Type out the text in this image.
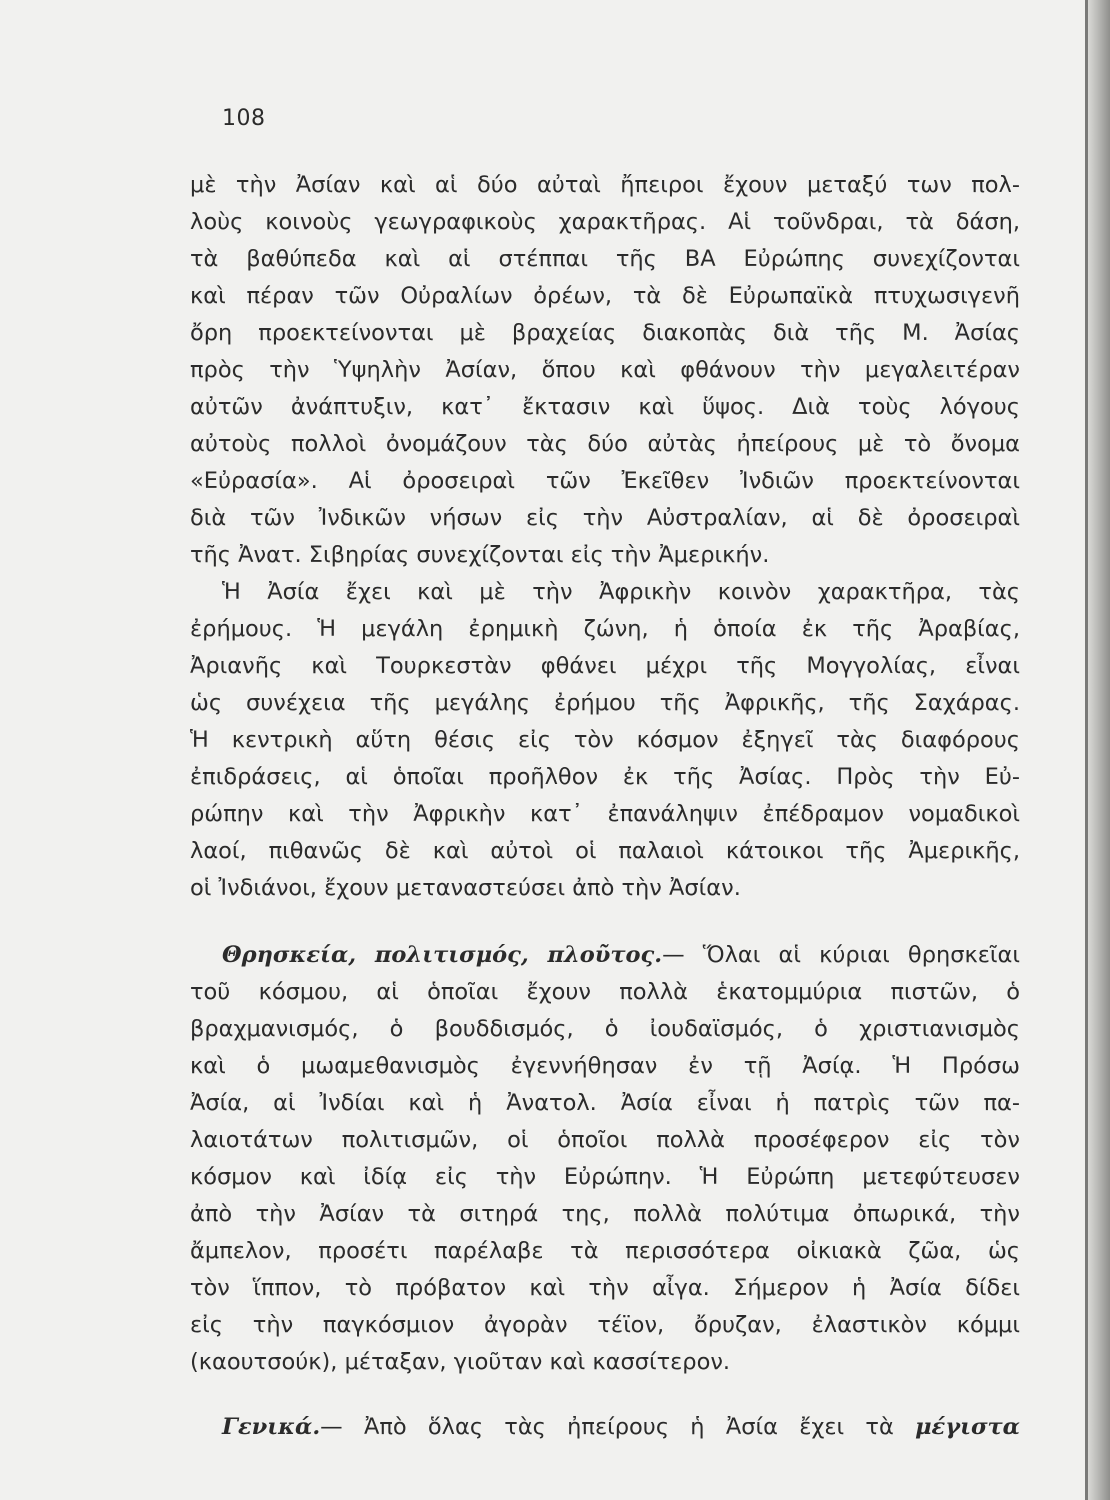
108
μὲ τὴν Ἀσίαν καὶ αἱ δύο αὐταὶ ἤπειροι ἔχουν μεταξύ των πολ-
λοὺς κοινοὺς γεωγραφικοὺς χαρακτῆρας. Αἱ τοῦνδραι, τὰ δάση,
τὰ βαθύπεδα καὶ αἱ στέππαι τῆς ΒΑ Εὐρώπης συνεχίζονται
καὶ πέραν τῶν Οὐραλίων ὀρέων, τὰ δὲ Εὐρωπαϊκὰ πτυχωσιγενῆ
ὄρη προεκτείνονται μὲ βραχείας διακοπὰς διὰ τῆς Μ. Ἀσίας
πρὸς τὴν Ὑψηλὴν Ἀσίαν, ὅπου καὶ φθάνουν τὴν μεγαλειτέραν
αὐτῶν ἀνάπτυξιν, κατ᾽ ἔκτασιν καὶ ὕψος. Διὰ τοὺς λόγους
αὐτοὺς πολλοὶ ὀνομάζουν τὰς δύο αὐτὰς ἠπείρους μὲ τὸ ὄνομα
«Εὐρασία». Αἱ ὀροσειραὶ τῶν Ἐκεῖθεν Ἰνδιῶν προεκτείνονται
διὰ τῶν Ἰνδικῶν νήσων εἰς τὴν Αὐστραλίαν, αἱ δὲ ὀροσειραὶ
τῆς Ἀνατ. Σιβηρίας συνεχίζονται εἰς τὴν Ἀμερικήν.
Ἡ Ἀσία ἔχει καὶ μὲ τὴν Ἀφρικὴν κοινὸν χαρακτῆρα, τὰς
ἐρήμους. Ἡ μεγάλη ἐρημικὴ ζώνη, ἡ ὁποία ἐκ τῆς Ἀραβίας,
Ἀριανῆς καὶ Τουρκεστὰν φθάνει μέχρι τῆς Μογγολίας, εἶναι
ὡς συνέχεια τῆς μεγάλης ἐρήμου τῆς Ἀφρικῆς, τῆς Σαχάρας.
Ἡ κεντρικὴ αὕτη θέσις εἰς τὸν κόσμον ἐξηγεῖ τὰς διαφόρους
ἐπιδράσεις, αἱ ὁποῖαι προῆλθον ἐκ τῆς Ἀσίας. Πρὸς τὴν Εὐ-
ρώπην καὶ τὴν Ἀφρικὴν κατ᾽ ἐπανάληψιν ἐπέδραμον νομαδικοὶ
λαοί, πιθανῶς δὲ καὶ αὐτοὶ οἱ παλαιοὶ κάτοικοι τῆς Ἀμερικῆς,
οἱ Ἰνδιάνοι, ἔχουν μεταναστεύσει ἀπὸ τὴν Ἀσίαν.
Θρησκεία, πολιτισμός, πλοῦτος.— Ὅλαι αἱ κύριαι θρησκεῖαι
τοῦ κόσμου, αἱ ὁποῖαι ἔχουν πολλὰ ἑκατομμύρια πιστῶν, ὁ
βραχμανισμός, ὁ βουδδισμός, ὁ ἰουδαϊσμός, ὁ χριστιανισμὸς
καὶ ὁ μωαμεθανισμὸς ἐγεννήθησαν ἐν τῇ Ἀσίᾳ. Ἡ Πρόσω
Ἀσία, αἱ Ἰνδίαι καὶ ἡ Ἀνατολ. Ἀσία εἶναι ἡ πατρὶς τῶν πα-
λαιοτάτων πολιτισμῶν, οἱ ὁποῖοι πολλὰ προσέφερον εἰς τὸν
κόσμον καὶ ἰδίᾳ εἰς τὴν Εὐρώπην. Ἡ Εὐρώπη μετεφύτευσεν
ἀπὸ τὴν Ἀσίαν τὰ σιτηρά της, πολλὰ πολύτιμα ὀπωρικά, τὴν
ἄμπελον, προσέτι παρέλαβε τὰ περισσότερα οἰκιακὰ ζῶα, ὡς
τὸν ἵππον, τὸ πρόβατον καὶ τὴν αἶγα. Σήμερον ἡ Ἀσία δίδει
εἰς τὴν παγκόσμιον ἀγορὰν τέϊον, ὄρυζαν, ἐλαστικὸν κόμμι
(καουτσούκ), μέταξαν, γιοῦταν καὶ κασσίτερον.
Γενικά.— Ἀπὸ ὅλας τὰς ἠπείρους ἡ Ἀσία ἔχει τὰ μέγιστα
